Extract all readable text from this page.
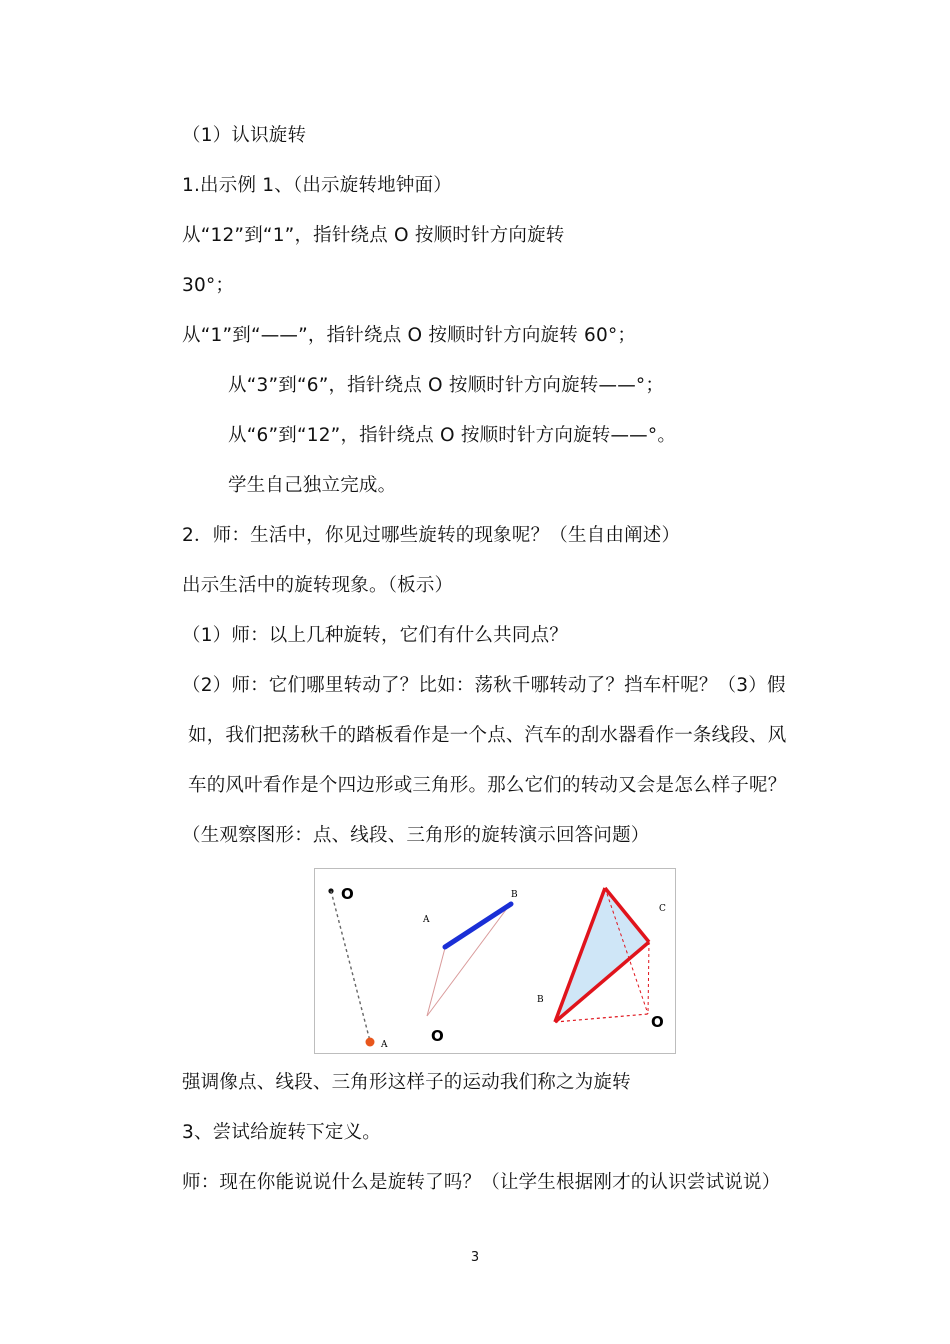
（1）认识旋转
1.出示例 1、（出示旋转地钟面）
从“12”到“1”，指针绕点 O 按顺时针方向旋转
30°；
从“1”到“——”，指针绕点 O 按顺时针方向旋转 60°；
从“3”到“6”，指针绕点 O 按顺时针方向旋转——°；
从“6”到“12”，指针绕点 O 按顺时针方向旋转——°。
学生自己独立完成。
2．师：生活中，你见过哪些旋转的现象呢？（生自由阐述）
出示生活中的旋转现象。（板示）
（1）师：以上几种旋转，它们有什么共同点？
（2）师：它们哪里转动了？比如：荡秋千哪转动了？挡车杆呢？（3）假
如，我们把荡秋千的踏板看作是一个点、汽车的刮水器看作一条线段、风
车的风叶看作是个四边形或三角形。那么它们的转动又会是怎么样子呢？
（生观察图形：点、线段、三角形的旋转演示回答问题）
O
A
A
B
O
B
C
O
强调像点、线段、三角形这样子的运动我们称之为旋转
3、尝试给旋转下定义。
师：现在你能说说什么是旋转了吗？（让学生根据刚才的认识尝试说说）
3
